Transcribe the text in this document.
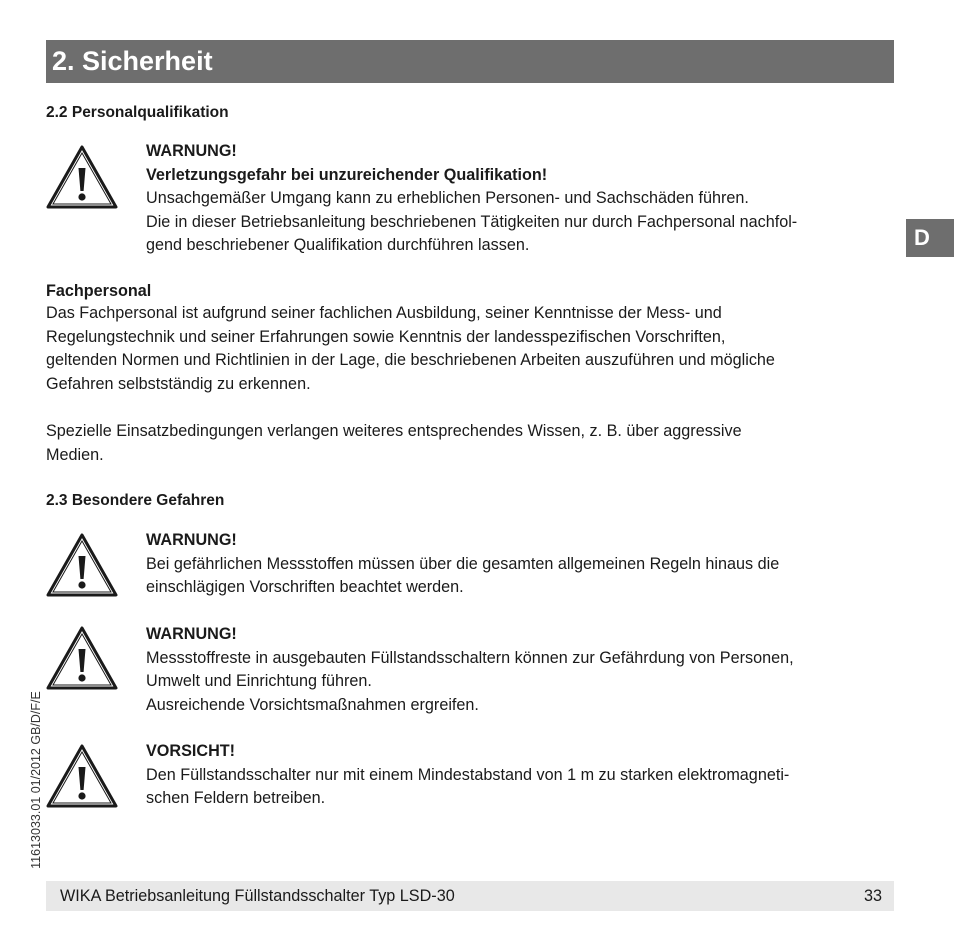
2. Sicherheit
2.2 Personalqualifikation
WARNUNG!
Verletzungsgefahr bei unzureichender Qualifikation!
Unsachgemäßer Umgang kann zu erheblichen Personen- und Sachschäden führen.
Die in dieser Betriebsanleitung beschriebenen Tätigkeiten nur durch Fachpersonal nachfol-
gend beschriebener Qualifikation durchführen lassen.
Fachpersonal
Das Fachpersonal ist aufgrund seiner fachlichen Ausbildung, seiner Kenntnisse der Mess- und
Regelungstechnik und seiner Erfahrungen sowie Kenntnis der landesspezifischen Vorschriften,
geltenden Normen und Richtlinien in der Lage, die beschriebenen Arbeiten auszuführen und mögliche
Gefahren selbstständig zu erkennen.
Spezielle Einsatzbedingungen verlangen weiteres entsprechendes Wissen, z. B. über aggressive
Medien.
2.3 Besondere Gefahren
WARNUNG!
Bei gefährlichen Messstoffen müssen über die gesamten allgemeinen Regeln hinaus die
einschlägigen Vorschriften beachtet werden.
WARNUNG!
Messstoffreste in ausgebauten Füllstandsschaltern können zur Gefährdung von Personen,
Umwelt und Einrichtung führen.
Ausreichende Vorsichtsmaßnahmen ergreifen.
VORSICHT!
Den Füllstandsschalter nur mit einem Mindestabstand von 1 m zu starken elektromagneti-
schen Feldern betreiben.
D
11613033.01 01/2012 GB/D/F/E
WIKA Betriebsanleitung Füllstandsschalter Typ LSD-30	33
